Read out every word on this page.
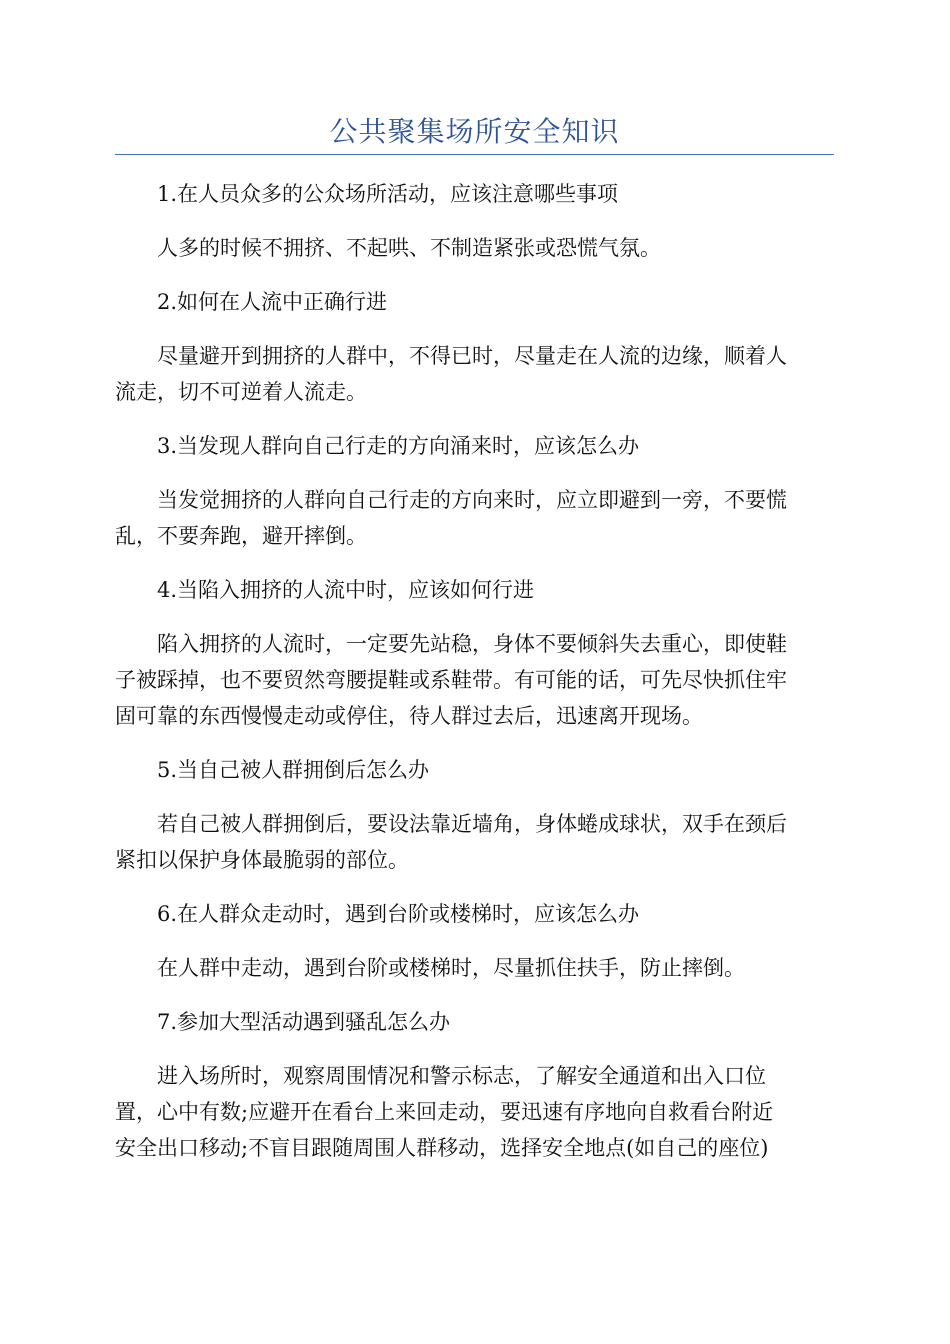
公共聚集场所安全知识
1.在人员众多的公众场所活动，应该注意哪些事项
人多的时候不拥挤、不起哄、不制造紧张或恐慌气氛。
2.如何在人流中正确行进
尽量避开到拥挤的人群中，不得已时，尽量走在人流的边缘，顺着人
流走，切不可逆着人流走。
3.当发现人群向自己行走的方向涌来时，应该怎么办
当发觉拥挤的人群向自己行走的方向来时，应立即避到一旁，不要慌
乱，不要奔跑，避开摔倒。
4.当陷入拥挤的人流中时，应该如何行进
陷入拥挤的人流时，一定要先站稳，身体不要倾斜失去重心，即使鞋
子被踩掉，也不要贸然弯腰提鞋或系鞋带。有可能的话，可先尽快抓住牢
固可靠的东西慢慢走动或停住，待人群过去后，迅速离开现场。
5.当自己被人群拥倒后怎么办
若自己被人群拥倒后，要设法靠近墙角，身体蜷成球状，双手在颈后
紧扣以保护身体最脆弱的部位。
6.在人群众走动时，遇到台阶或楼梯时，应该怎么办
在人群中走动，遇到台阶或楼梯时，尽量抓住扶手，防止摔倒。
7.参加大型活动遇到骚乱怎么办
进入场所时，观察周围情况和警示标志，了解安全通道和出入口位
置，心中有数;应避开在看台上来回走动，要迅速有序地向自救看台附近
安全出口移动;不盲目跟随周围人群移动，选择安全地点(如自己的座位)
